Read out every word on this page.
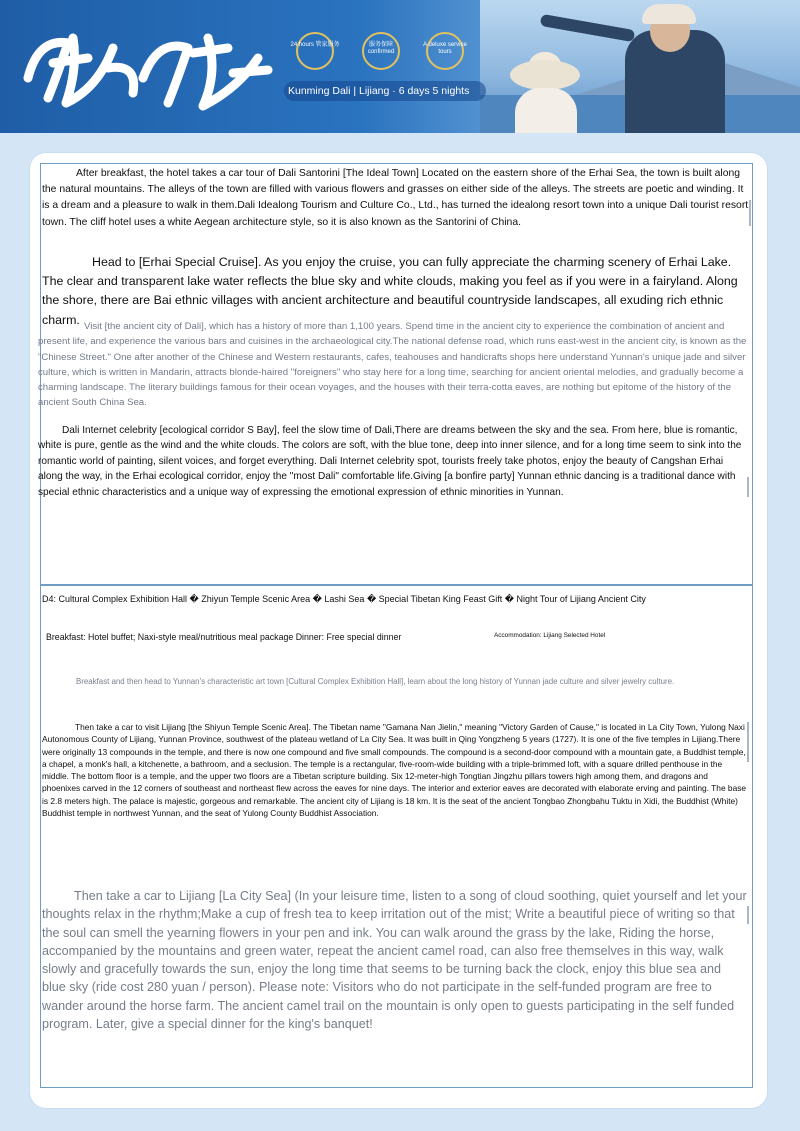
24 hours 管家服务	服务保障 confirmed
A deluxe service tours
Kunming Dali | Lijiang · 6 days 5 nights

After breakfast, the hotel takes a car tour of Dali Santorini [The Ideal Town] Located on the eastern shore of the Erhai Sea, the town is built along the natural mountains. The alleys of the town are filled with various flowers and grasses on either side of the alleys. The streets are poetic and winding. It is a dream and a pleasure to walk in them.Dali Idealong Tourism and Culture Co., Ltd., has turned the idealong resort town into a unique Dali tourist resort town. The cliff hotel uses a white Aegean architecture style, so it is also known as the Santorini of China.

Head to [Erhai Special Cruise]. As you enjoy the cruise, you can fully appreciate the charming scenery of Erhai Lake. The clear and transparent lake water reflects the blue sky and white clouds, making you feel as if you were in a fairyland. Along the shore, there are Bai ethnic villages with ancient architecture and beautiful countryside landscapes, all exuding rich ethnic charm. Visit [the ancient city of Dali], which has a history of more than 1,100 years. Spend time in the ancient city to experience the combination of ancient and present life, and experience the various bars and cuisines in the archaeological city.The national defense road, which runs east-west in the ancient city, is known as the "Chinese Street." One after another of the Chinese and Western restaurants, cafes, teahouses and handicrafts shops here understand Yunnan's unique jade and silver culture, which is written in Mandarin, attracts blonde-haired "foreigners" who stay here for a long time, searching for ancient oriental melodies, and gradually become a charming landscape. The literary buildings famous for their ocean voyages, and the houses with their terra-cotta eaves, are nothing but epitome of the history of the ancient South China Sea.

Dali Internet celebrity [ecological corridor S Bay], feel the slow time of Dali,There are dreams between the sky and the sea. From here, blue is romantic, white is pure, gentle as the wind and the white clouds. The colors are soft, with the blue tone, deep into inner silence, and for a long time seem to sink into the romantic world of painting, silent voices, and forget everything. Dali Internet celebrity spot, tourists freely take photos, enjoy the beauty of Cangshan Erhai along the way, in the Erhai ecological corridor, enjoy the "most Dali" comfortable life.Giving [a bonfire party] Yunnan ethnic dancing is a traditional dance with special ethnic characteristics and a unique way of expressing the emotional expression of ethnic minorities in Yunnan.

D4: Cultural Complex Exhibition Hall � Zhiyun Temple Scenic Area � Lashi Sea � Special Tibetan King Feast Gift � Night Tour of Lijiang Ancient City

Breakfast: Hotel buffet; Naxi-style meal/nutritious meal package Dinner: Free special dinner	Accommodation: Lijiang Selected Hotel

Breakfast and then head to Yunnan's characteristic art town [Cultural Complex Exhibition Hall], learn about the long history of Yunnan jade culture and silver jewelry culture.

Then take a car to visit Lijiang [the Shiyun Temple Scenic Area]. The Tibetan name "Gamana Nan Jielin," meaning "Victory Garden of Cause," is located in La City Town, Yulong Naxi Autonomous County of Lijiang, Yunnan Province, southwest of the plateau wetland of La City Sea. It was built in Qing Yongzheng 5 years (1727). It is one of the five temples in Lijiang.There were originally 13 compounds in the temple, and there is now one compound and five small compounds. The compound is a second-door compound with a mountain gate, a Buddhist temple, a chapel, a monk's hall, a kitchenette, a bathroom, and a seclusion. The temple is a rectangular, five-room-wide building with a triple-brimmed loft, with a square drilled penthouse in the middle. The bottom floor is a temple, and the upper two floors are a Tibetan scripture building. Six 12-meter-high Tongtian Jingzhu pillars towers high among them, and dragons and phoenixes carved in the 12 corners of southeast and northeast flew across the eaves for nine days. The interior and exterior eaves are decorated with elaborate erving and painting. The base is 2.8 meters high. The palace is majestic, gorgeous and remarkable. The ancient city of Lijiang is 18 km. It is the seat of the ancient Tongbao Zhongbahu Tuktu in Xidi, the Buddhist (White) Buddhist temple in northwest Yunnan, and the seat of Yulong County Buddhist Association.

Then take a car to Lijiang [La City Sea] (In your leisure time, listen to a song of cloud soothing, quiet yourself and let your thoughts relax in the rhythm;Make a cup of fresh tea to keep irritation out of the mist; Write a beautiful piece of writing so that the soul can smell the yearning flowers in your pen and ink. You can walk around the grass by the lake, Riding the horse, accompanied by the mountains and green water, repeat the ancient camel road, can also free themselves in this way, walk slowly and gracefully towards the sun, enjoy the long time that seems to be turning back the clock, enjoy this blue sea and blue sky (ride cost 280 yuan / person). Please note: Visitors who do not participate in the self-funded program are free to wander around the horse farm. The ancient camel trail on the mountain is only open to guests participating in the self funded program. Later, give a special dinner for the king's banquet!
